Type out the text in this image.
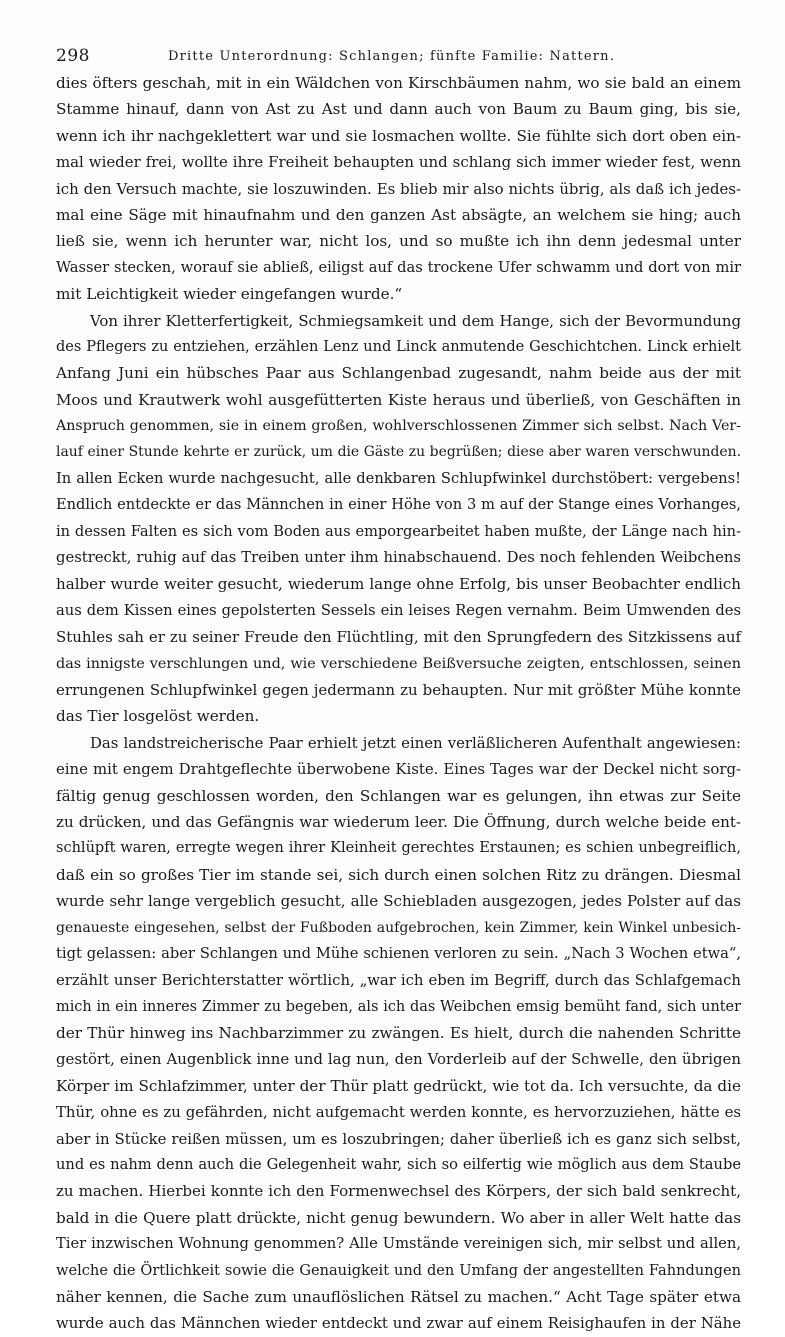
298	Dritte Unterordnung: Schlangen; fünfte Familie: Nattern.
dies öfters geschah, mit in ein Wäldchen von Kirschbäumen nahm, wo sie bald an einem
Stamme hinauf, dann von Ast zu Ast und dann auch von Baum zu Baum ging, bis sie,
wenn ich ihr nachgeklettert war und sie losmachen wollte. Sie fühlte sich dort oben ein-
mal wieder frei, wollte ihre Freiheit behaupten und schlang sich immer wieder fest, wenn
ich den Versuch machte, sie loszuwinden. Es blieb mir also nichts übrig, als daß ich jedes-
mal eine Säge mit hinaufnahm und den ganzen Ast absägte, an welchem sie hing; auch
ließ sie, wenn ich herunter war, nicht los, und so mußte ich ihn denn jedesmal unter
Wasser stecken, worauf sie abließ, eiligst auf das trockene Ufer schwamm und dort von mir
mit Leichtigkeit wieder eingefangen wurde.“
Von ihrer Kletterfertigkeit, Schmiegsamkeit und dem Hange, sich der Bevormundung
des Pflegers zu entziehen, erzählen Lenz und Linck anmutende Geschichtchen. Linck erhielt
Anfang Juni ein hübsches Paar aus Schlangenbad zugesandt, nahm beide aus der mit
Moos und Krautwerk wohl ausgefütterten Kiste heraus und überließ, von Geschäften in
Anspruch genommen, sie in einem großen, wohlverschlossenen Zimmer sich selbst. Nach Ver-
lauf einer Stunde kehrte er zurück, um die Gäste zu begrüßen; diese aber waren verschwunden.
In allen Ecken wurde nachgesucht, alle denkbaren Schlupfwinkel durchstöbert: vergebens!
Endlich entdeckte er das Männchen in einer Höhe von 3 m auf der Stange eines Vorhanges,
in dessen Falten es sich vom Boden aus emporgearbeitet haben mußte, der Länge nach hin-
gestreckt, ruhig auf das Treiben unter ihm hinabschauend. Des noch fehlenden Weibchens
halber wurde weiter gesucht, wiederum lange ohne Erfolg, bis unser Beobachter endlich
aus dem Kissen eines gepolsterten Sessels ein leises Regen vernahm. Beim Umwenden des
Stuhles sah er zu seiner Freude den Flüchtling, mit den Sprungfedern des Sitzkissens auf
das innigste verschlungen und, wie verschiedene Beißversuche zeigten, entschlossen, seinen
errungenen Schlupfwinkel gegen jedermann zu behaupten. Nur mit größter Mühe konnte
das Tier losgelöst werden.
Das landstreicherische Paar erhielt jetzt einen verläßlicheren Aufenthalt angewiesen:
eine mit engem Drahtgeflechte überwobene Kiste. Eines Tages war der Deckel nicht sorg-
fältig genug geschlossen worden, den Schlangen war es gelungen, ihn etwas zur Seite
zu drücken, und das Gefängnis war wiederum leer. Die Öffnung, durch welche beide ent-
schlüpft waren, erregte wegen ihrer Kleinheit gerechtes Erstaunen; es schien unbegreiflich,
daß ein so großes Tier im stande sei, sich durch einen solchen Ritz zu drängen. Diesmal
wurde sehr lange vergeblich gesucht, alle Schiebladen ausgezogen, jedes Polster auf das
genaueste eingesehen, selbst der Fußboden aufgebrochen, kein Zimmer, kein Winkel unbesich-
tigt gelassen: aber Schlangen und Mühe schienen verloren zu sein. „Nach 3 Wochen etwa“,
erzählt unser Berichterstatter wörtlich, „war ich eben im Begriff, durch das Schlafgemach
mich in ein inneres Zimmer zu begeben, als ich das Weibchen emsig bemüht fand, sich unter
der Thür hinweg ins Nachbarzimmer zu zwängen. Es hielt, durch die nahenden Schritte
gestört, einen Augenblick inne und lag nun, den Vorderleib auf der Schwelle, den übrigen
Körper im Schlafzimmer, unter der Thür platt gedrückt, wie tot da. Ich versuchte, da die
Thür, ohne es zu gefährden, nicht aufgemacht werden konnte, es hervorzuziehen, hätte es
aber in Stücke reißen müssen, um es loszubringen; daher überließ ich es ganz sich selbst,
und es nahm denn auch die Gelegenheit wahr, sich so eilfertig wie möglich aus dem Staube
zu machen. Hierbei konnte ich den Formenwechsel des Körpers, der sich bald senkrecht,
bald in die Quere platt drückte, nicht genug bewundern. Wo aber in aller Welt hatte das
Tier inzwischen Wohnung genommen? Alle Umstände vereinigen sich, mir selbst und allen,
welche die Örtlichkeit sowie die Genauigkeit und den Umfang der angestellten Fahndungen
näher kennen, die Sache zum unauflöslichen Rätsel zu machen.“ Acht Tage später etwa
wurde auch das Männchen wieder entdeckt und zwar auf einem Reisighaufen in der Nähe
